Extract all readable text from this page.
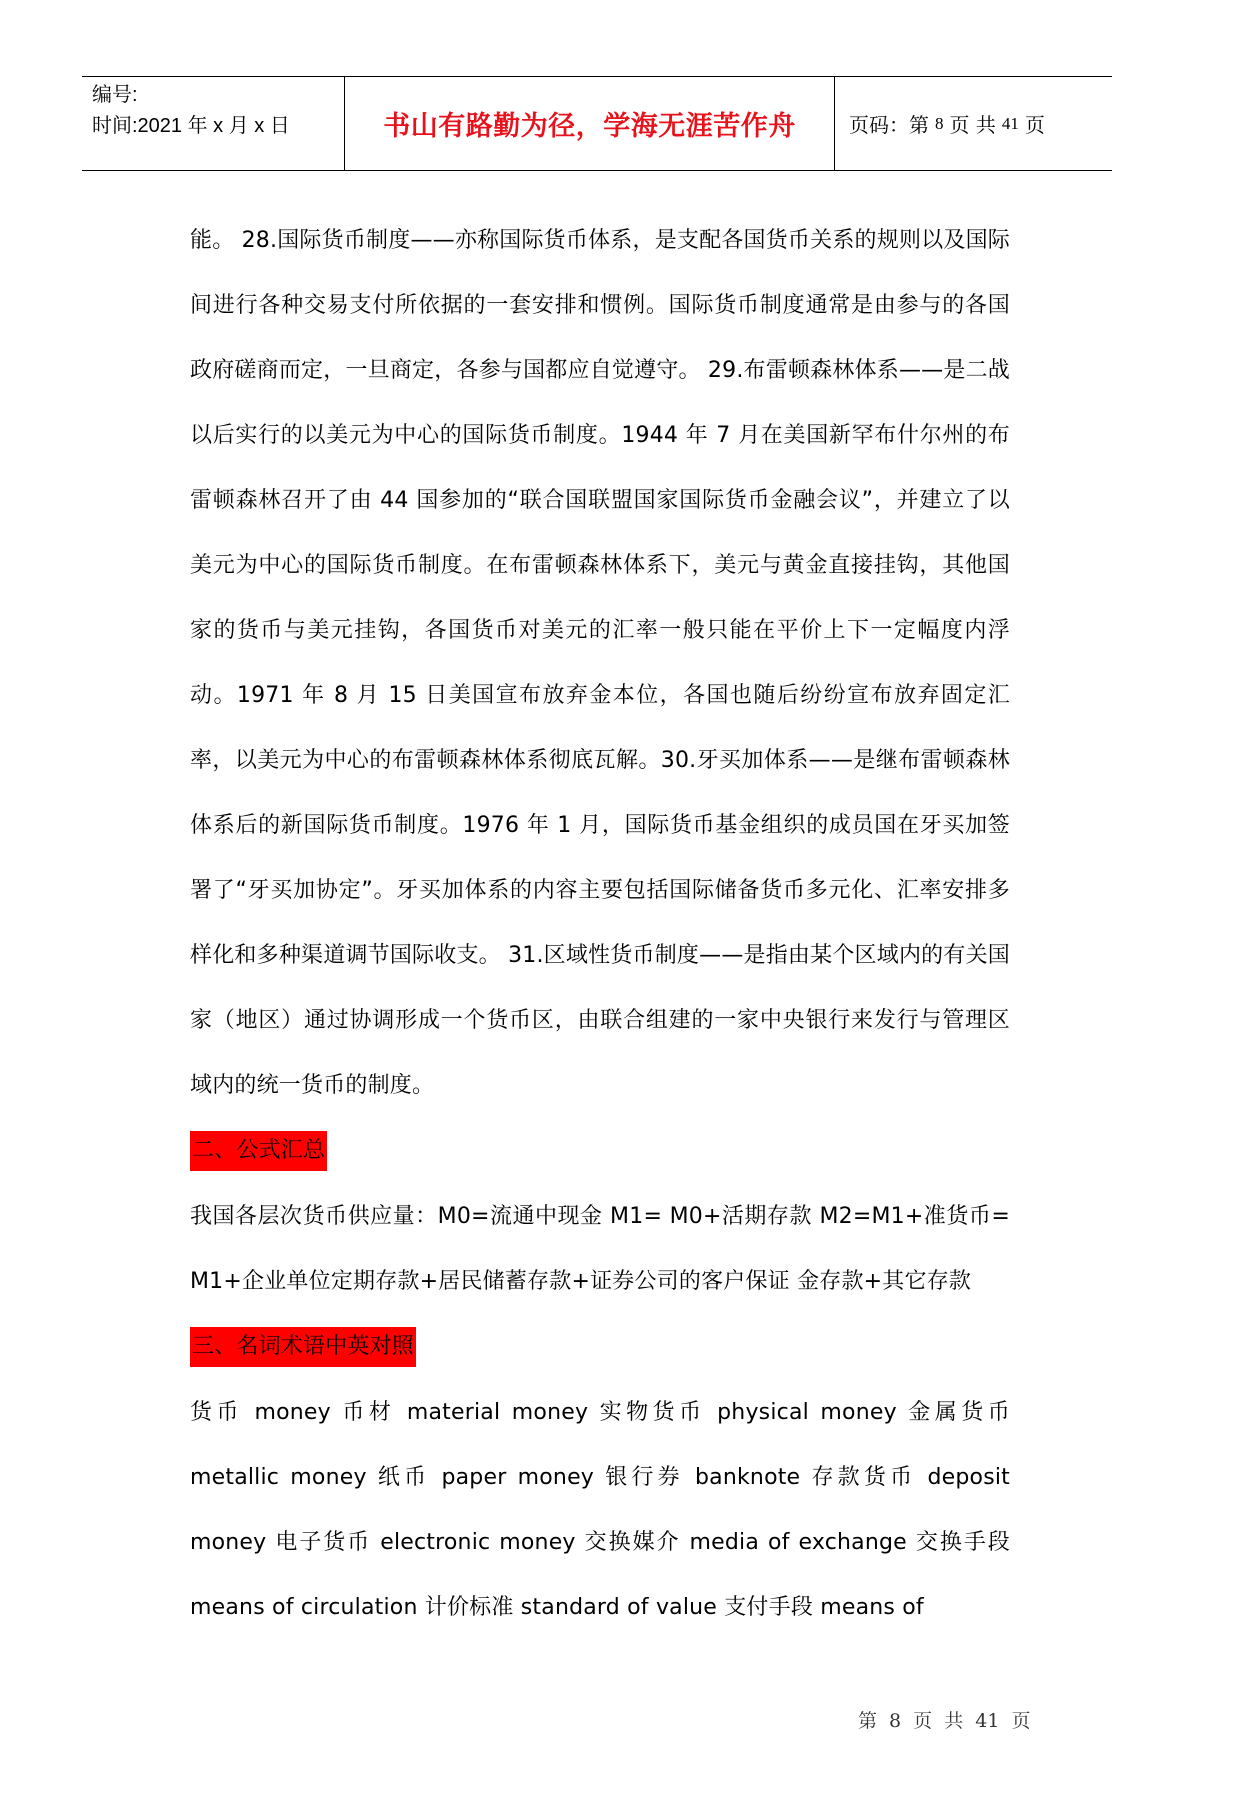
编号:
时间:2021 年 x 月 x 日	书山有路勤为径，学海无涯苦作舟	页码：第 8 页 共 41 页

能。 28.国际货币制度——亦称国际货币体系，是支配各国货币关系的规则以及国际间进行各种交易支付所依据的一套安排和惯例。国际货币制度通常是由参与的各国政府磋商而定，一旦商定，各参与国都应自觉遵守。 29.布雷顿森林体系——是二战以后实行的以美元为中心的国际货币制度。1944 年 7 月在美国新罕布什尔州的布雷顿森林召开了由 44 国参加的“联合国联盟国家国际货币金融会议”，并建立了以美元为中心的国际货币制度。在布雷顿森林体系下，美元与黄金直接挂钩，其他国家的货币与美元挂钩，各国货币对美元的汇率一般只能在平价上下一定幅度内浮动。1971 年 8 月 15 日美国宣布放弃金本位，各国也随后纷纷宣布放弃固定汇率，以美元为中心的布雷顿森林体系彻底瓦解。30.牙买加体系——是继布雷顿森林体系后的新国际货币制度。1976 年 1 月，国际货币基金组织的成员国在牙买加签署了“牙买加协定”。牙买加体系的内容主要包括国际储备货币多元化、汇率安排多样化和多种渠道调节国际收支。 31.区域性货币制度——是指由某个区域内的有关国家（地区）通过协调形成一个货币区，由联合组建的一家中央银行来发行与管理区域内的统一货币的制度。

二、公式汇总

我国各层次货币供应量：M0=流通中现金 M1= M0+活期存款 M2=M1+准货币= M1+企业单位定期存款+居民储蓄存款+证券公司的客户保证 金存款+其它存款

三、名词术语中英对照

货币 money 币材 material money 实物货币 physical money 金属货币 metallic money 纸币 paper money 银行券 banknote 存款货币 deposit money 电子货币 electronic money 交换媒介 media of exchange 交换手段 means of circulation 计价标准 standard of value 支付手段 means of

第 8 页 共 41 页
